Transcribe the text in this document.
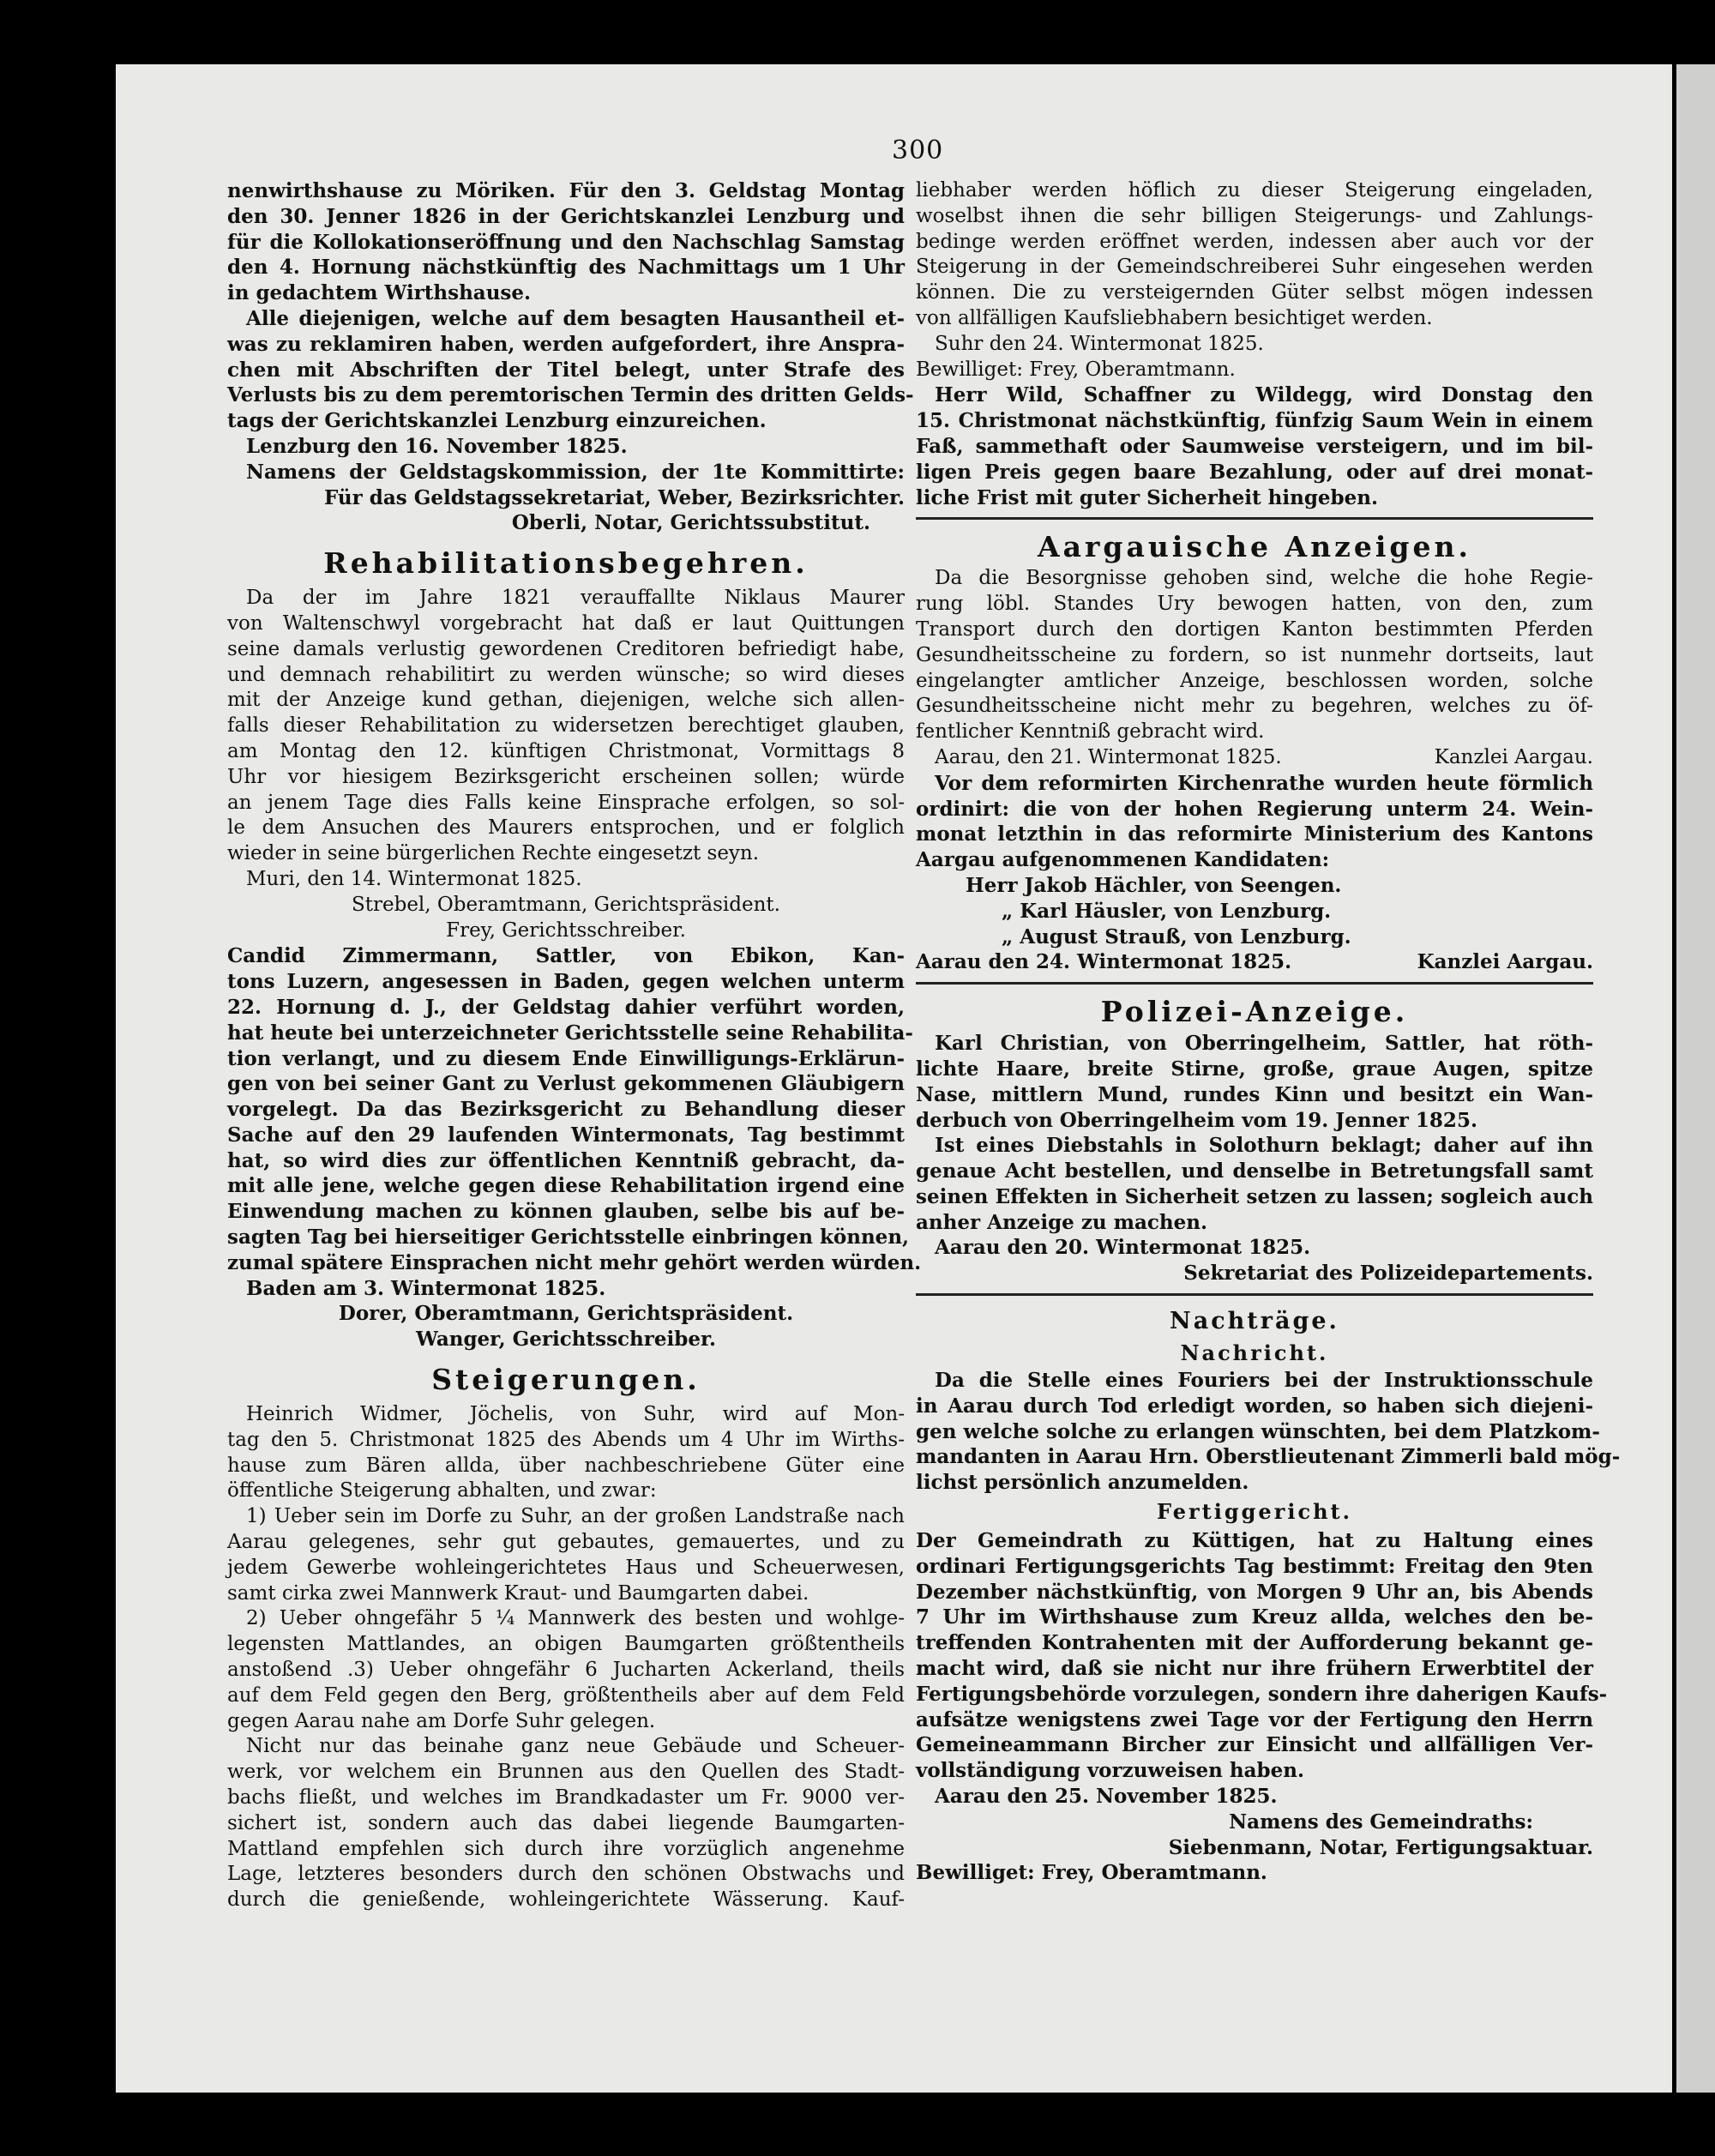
300
nenwirthshause zu Möriken. Für den 3. Geldstag Montag
den 30. Jenner 1826 in der Gerichtskanzlei Lenzburg und
für die Kollokationseröffnung und den Nachschlag Samstag
den 4. Hornung nächstkünftig des Nachmittags um 1 Uhr
in gedachtem Wirthshause.
Alle diejenigen, welche auf dem besagten Hausantheil et-
was zu reklamiren haben, werden aufgefordert, ihre Anspra-
chen mit Abschriften der Titel belegt, unter Strafe des
Verlusts bis zu dem peremtorischen Termin des dritten Gelds-
tags der Gerichtskanzlei Lenzburg einzureichen.
Lenzburg den 16. November 1825.
Namens der Geldstagskommission, der 1te Kommittirte:
Für das Geldstagssekretariat, Weber, Bezirksrichter.
Oberli, Notar, Gerichtssubstitut.
Rehabilitationsbegehren.
Da der im Jahre 1821 verauffallte Niklaus Maurer
von Waltenschwyl vorgebracht hat daß er laut Quittungen
seine damals verlustig gewordenen Creditoren befriedigt habe,
und demnach rehabilitirt zu werden wünsche; so wird dieses
mit der Anzeige kund gethan, diejenigen, welche sich allen-
falls dieser Rehabilitation zu widersetzen berechtiget glauben,
am Montag den 12. künftigen Christmonat, Vormittags 8
Uhr vor hiesigem Bezirksgericht erscheinen sollen; würde
an jenem Tage dies Falls keine Einsprache erfolgen, so sol-
le dem Ansuchen des Maurers entsprochen, und er folglich
wieder in seine bürgerlichen Rechte eingesetzt seyn.
Muri, den 14. Wintermonat 1825.
Strebel, Oberamtmann, Gerichtspräsident.
Frey, Gerichtsschreiber.
Candid Zimmermann, Sattler, von Ebikon, Kan-
tons Luzern, angesessen in Baden, gegen welchen unterm
22. Hornung d. J., der Geldstag dahier verführt worden,
hat heute bei unterzeichneter Gerichtsstelle seine Rehabilita-
tion verlangt, und zu diesem Ende Einwilligungs-Erklärun-
gen von bei seiner Gant zu Verlust gekommenen Gläubigern
vorgelegt. Da das Bezirksgericht zu Behandlung dieser
Sache auf den 29 laufenden Wintermonats, Tag bestimmt
hat, so wird dies zur öffentlichen Kenntniß gebracht, da-
mit alle jene, welche gegen diese Rehabilitation irgend eine
Einwendung machen zu können glauben, selbe bis auf be-
sagten Tag bei hierseitiger Gerichtsstelle einbringen können,
zumal spätere Einsprachen nicht mehr gehört werden würden.
Baden am 3. Wintermonat 1825.
Dorer, Oberamtmann, Gerichtspräsident.
Wanger, Gerichtsschreiber.
Steigerungen.
Heinrich Widmer, Jöchelis, von Suhr, wird auf Mon-
tag den 5. Christmonat 1825 des Abends um 4 Uhr im Wirths-
hause zum Bären allda, über nachbeschriebene Güter eine
öffentliche Steigerung abhalten, und zwar:
1) Ueber sein im Dorfe zu Suhr, an der großen Landstraße nach
Aarau gelegenes, sehr gut gebautes, gemauertes, und zu
jedem Gewerbe wohleingerichtetes Haus und Scheuerwesen,
samt cirka zwei Mannwerk Kraut- und Baumgarten dabei.
2) Ueber ohngefähr 5 ¼ Mannwerk des besten und wohlge-
legensten Mattlandes, an obigen Baumgarten größtentheils
anstoßend .3) Ueber ohngefähr 6 Jucharten Ackerland, theils
auf dem Feld gegen den Berg, größtentheils aber auf dem Feld
gegen Aarau nahe am Dorfe Suhr gelegen.
Nicht nur das beinahe ganz neue Gebäude und Scheuer-
werk, vor welchem ein Brunnen aus den Quellen des Stadt-
bachs fließt, und welches im Brandkadaster um Fr. 9000 ver-
sichert ist, sondern auch das dabei liegende Baumgarten-
Mattland empfehlen sich durch ihre vorzüglich angenehme
Lage, letzteres besonders durch den schönen Obstwachs und
durch die genießende, wohleingerichtete Wässerung. Kauf-
liebhaber werden höflich zu dieser Steigerung eingeladen,
woselbst ihnen die sehr billigen Steigerungs- und Zahlungs-
bedinge werden eröffnet werden, indessen aber auch vor der
Steigerung in der Gemeindschreiberei Suhr eingesehen werden
können. Die zu versteigernden Güter selbst mögen indessen
von allfälligen Kaufsliebhabern besichtiget werden.
Suhr den 24. Wintermonat 1825.
Bewilliget: Frey, Oberamtmann.
Herr Wild, Schaffner zu Wildegg, wird Donstag den
15. Christmonat nächstkünftig, fünfzig Saum Wein in einem
Faß, sammethaft oder Saumweise versteigern, und im bil-
ligen Preis gegen baare Bezahlung, oder auf drei monat-
liche Frist mit guter Sicherheit hingeben.
Aargauische Anzeigen.
Da die Besorgnisse gehoben sind, welche die hohe Regie-
rung löbl. Standes Ury bewogen hatten, von den, zum
Transport durch den dortigen Kanton bestimmten Pferden
Gesundheitsscheine zu fordern, so ist nunmehr dortseits, laut
eingelangter amtlicher Anzeige, beschlossen worden, solche
Gesundheitsscheine nicht mehr zu begehren, welches zu öf-
fentlicher Kenntniß gebracht wird.
Aarau, den 21. Wintermonat 1825.	Kanzlei Aargau.
Vor dem reformirten Kirchenrathe wurden heute förmlich
ordinirt: die von der hohen Regierung unterm 24. Wein-
monat letzthin in das reformirte Ministerium des Kantons
Aargau aufgenommenen Kandidaten:
Herr Jakob Hächler, von Seengen.
„ Karl Häusler, von Lenzburg.
„ August Strauß, von Lenzburg.
Aarau den 24. Wintermonat 1825.	Kanzlei Aargau.
Polizei-Anzeige.
Karl Christian, von Oberringelheim, Sattler, hat röth-
lichte Haare, breite Stirne, große, graue Augen, spitze
Nase, mittlern Mund, rundes Kinn und besitzt ein Wan-
derbuch von Oberringelheim vom 19. Jenner 1825.
Ist eines Diebstahls in Solothurn beklagt; daher auf ihn
genaue Acht bestellen, und denselbe in Betretungsfall samt
seinen Effekten in Sicherheit setzen zu lassen; sogleich auch
anher Anzeige zu machen.
Aarau den 20. Wintermonat 1825.
Sekretariat des Polizeidepartements.
Nachträge.
Nachricht.
Da die Stelle eines Fouriers bei der Instruktionsschule
in Aarau durch Tod erledigt worden, so haben sich diejeni-
gen welche solche zu erlangen wünschten, bei dem Platzkom-
mandanten in Aarau Hrn. Oberstlieutenant Zimmerli bald mög-
lichst persönlich anzumelden.
Fertiggericht.
Der Gemeindrath zu Küttigen, hat zu Haltung eines
ordinari Fertigungsgerichts Tag bestimmt: Freitag den 9ten
Dezember nächstkünftig, von Morgen 9 Uhr an, bis Abends
7 Uhr im Wirthshause zum Kreuz allda, welches den be-
treffenden Kontrahenten mit der Aufforderung bekannt ge-
macht wird, daß sie nicht nur ihre frühern Erwerbtitel der
Fertigungsbehörde vorzulegen, sondern ihre daherigen Kaufs-
aufsätze wenigstens zwei Tage vor der Fertigung den Herrn
Gemeineammann Bircher zur Einsicht und allfälligen Ver-
vollständigung vorzuweisen haben.
Aarau den 25. November 1825.
Namens des Gemeindraths:
Siebenmann, Notar, Fertigungsaktuar.
Bewilliget: Frey, Oberamtmann.
